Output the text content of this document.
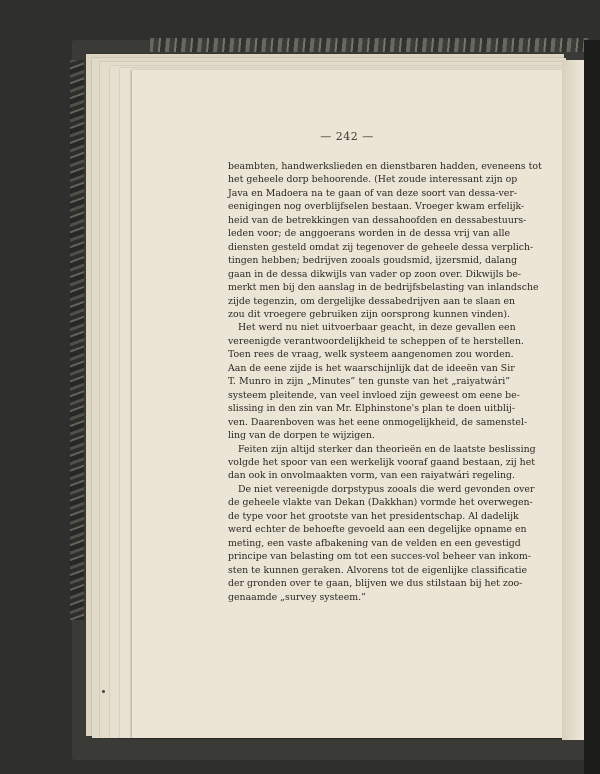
— 242 —
beambten, handwerkslieden en dienstbaren hadden, eveneens tot
het geheele dorp behoorende. (Het zoude interessant zijn op
Java en Madoera na te gaan of van deze soort van dessa-ver-
eenigingen nog overblijfselen bestaan. Vroeger kwam erfelijk-
heid van de betrekkingen van dessahoofden en dessabestuurs-
leden voor; de anggoerans worden in de dessa vrij van alle
diensten gesteld omdat zij tegenover de geheele dessa verplich-
tingen hebben; bedrijven zooals goudsmid, ijzersmid, dalang
gaan in de dessa dikwijls van vader op zoon over. Dikwijls be-
merkt men bij den aanslag in de bedrijfsbelasting van inlandsche
zijde tegenzin, om dergelijke dessabedrijven aan te slaan en
zou dit vroegere gebruiken zijn oorsprong kunnen vinden).
Het werd nu niet uitvoerbaar geacht, in deze gevallen een
vereenigde verantwoordelijkheid te scheppen of te herstellen.
Toen rees de vraag, welk systeem aangenomen zou worden.
Aan de eene zijde is het waarschijnlijk dat de ideeën van Sir
T. Munro in zijn „Minutes” ten gunste van het „raiyatwári”
systeem pleitende, van veel invloed zijn geweest om eene be-
slissing in den zin van Mr. Elphinstone's plan te doen uitblij-
ven. Daarenboven was het eene onmogelijkheid, de samenstel-
ling van de dorpen te wijzigen.
Feiten zijn altijd sterker dan theorieën en de laatste beslissing
volgde het spoor van een werkelijk vooraf gaand bestaan, zij het
dan ook in onvolmaakten vorm, van een raiyatwári regeling.
De niet vereenigde dorpstypus zooals die werd gevonden over
de geheele vlakte van Dekan (Dakkhan) vormde het overwegen-
de type voor het grootste van het presidentschap. Al dadelijk
werd echter de behoefte gevoeld aan een degelijke opname en
meting, een vaste afbakening van de velden en een gevestigd
principe van belasting om tot een succes-vol beheer van inkom-
sten te kunnen geraken. Alvorens tot de eigenlijke classificatie
der gronden over te gaan, blijven we dus stilstaan bij het zoo-
genaamde „survey systeem.”
